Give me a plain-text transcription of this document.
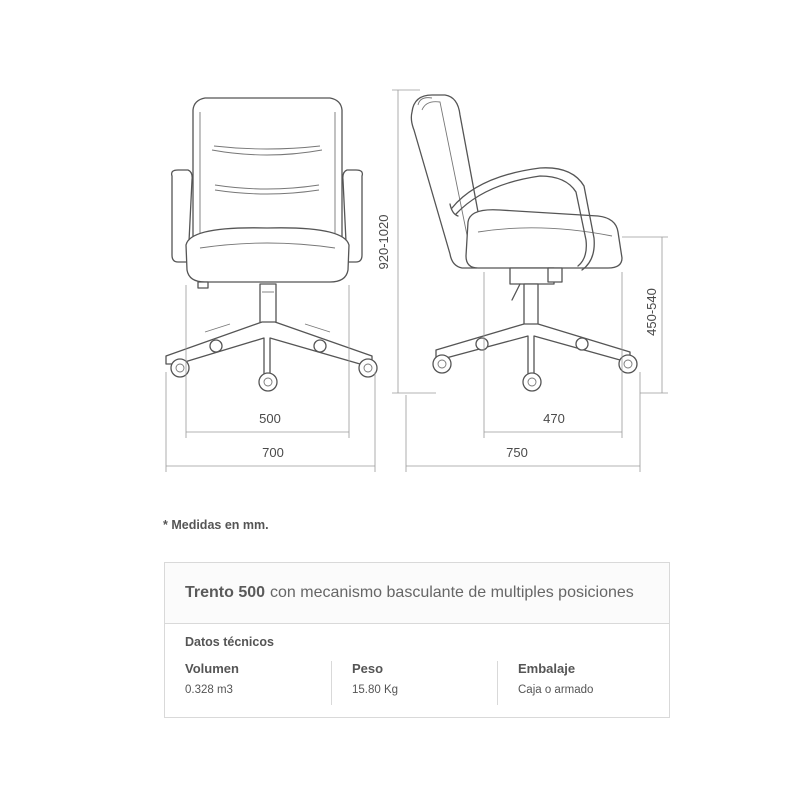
500
700
920-1020
450-540
470
750
* Medidas en mm.
Trento 500 con mecanismo basculante de multiples posiciones
Datos técnicos
Volumen
0.328 m3
Peso
15.80 Kg
Embalaje
Caja o armado
